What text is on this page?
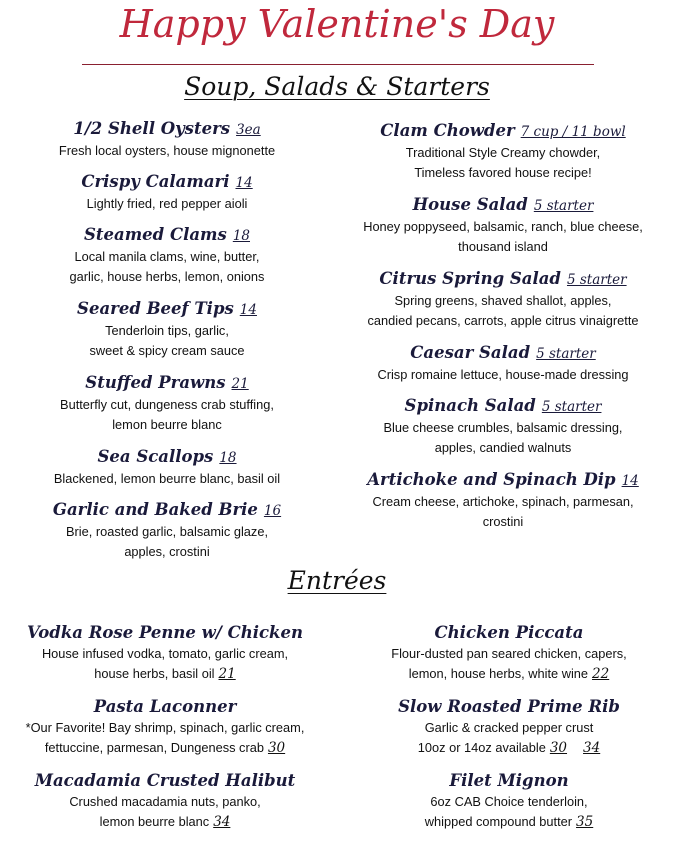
Happy Valentine's Day
Soup, Salads & Starters
1/2 Shell Oysters 3ea
Fresh local oysters, house mignonette
Crispy Calamari 14
Lightly fried, red pepper aioli
Steamed Clams 18
Local manila clams, wine, butter,
garlic, house herbs, lemon, onions
Seared Beef Tips 14
Tenderloin tips, garlic,
sweet & spicy cream sauce
Stuffed Prawns 21
Butterfly cut, dungeness crab stuffing,
lemon beurre blanc
Sea Scallops 18
Blackened, lemon beurre blanc, basil oil
Garlic and Baked Brie 16
Brie, roasted garlic, balsamic glaze,
apples, crostini
Clam Chowder 7 cup / 11 bowl
Traditional Style Creamy chowder,
Timeless favored house recipe!
House Salad 5 starter
Honey poppyseed, balsamic, ranch, blue cheese,
thousand island
Citrus Spring Salad 5 starter
Spring greens, shaved shallot, apples,
candied pecans, carrots, apple citrus vinaigrette
Caesar Salad 5 starter
Crisp romaine lettuce, house-made dressing
Spinach Salad 5 starter
Blue cheese crumbles, balsamic dressing,
apples, candied walnuts
Artichoke and Spinach Dip 14
Cream cheese, artichoke, spinach, parmesan,
crostini
Entrées
Vodka Rose Penne w/ Chicken
House infused vodka, tomato, garlic cream,
house herbs, basil oil 21
Pasta Laconner
*Our Favorite! Bay shrimp, spinach, garlic cream,
fettuccine, parmesan, Dungeness crab 30
Macadamia Crusted Halibut
Crushed macadamia nuts, panko,
lemon beurre blanc 34
Chicken Piccata
Flour-dusted pan seared chicken, capers,
lemon, house herbs, white wine 22
Slow Roasted Prime Rib
Garlic & cracked pepper crust
10oz or 14oz available 30 34
Filet Mignon
6oz CAB Choice tenderloin,
whipped compound butter 35
